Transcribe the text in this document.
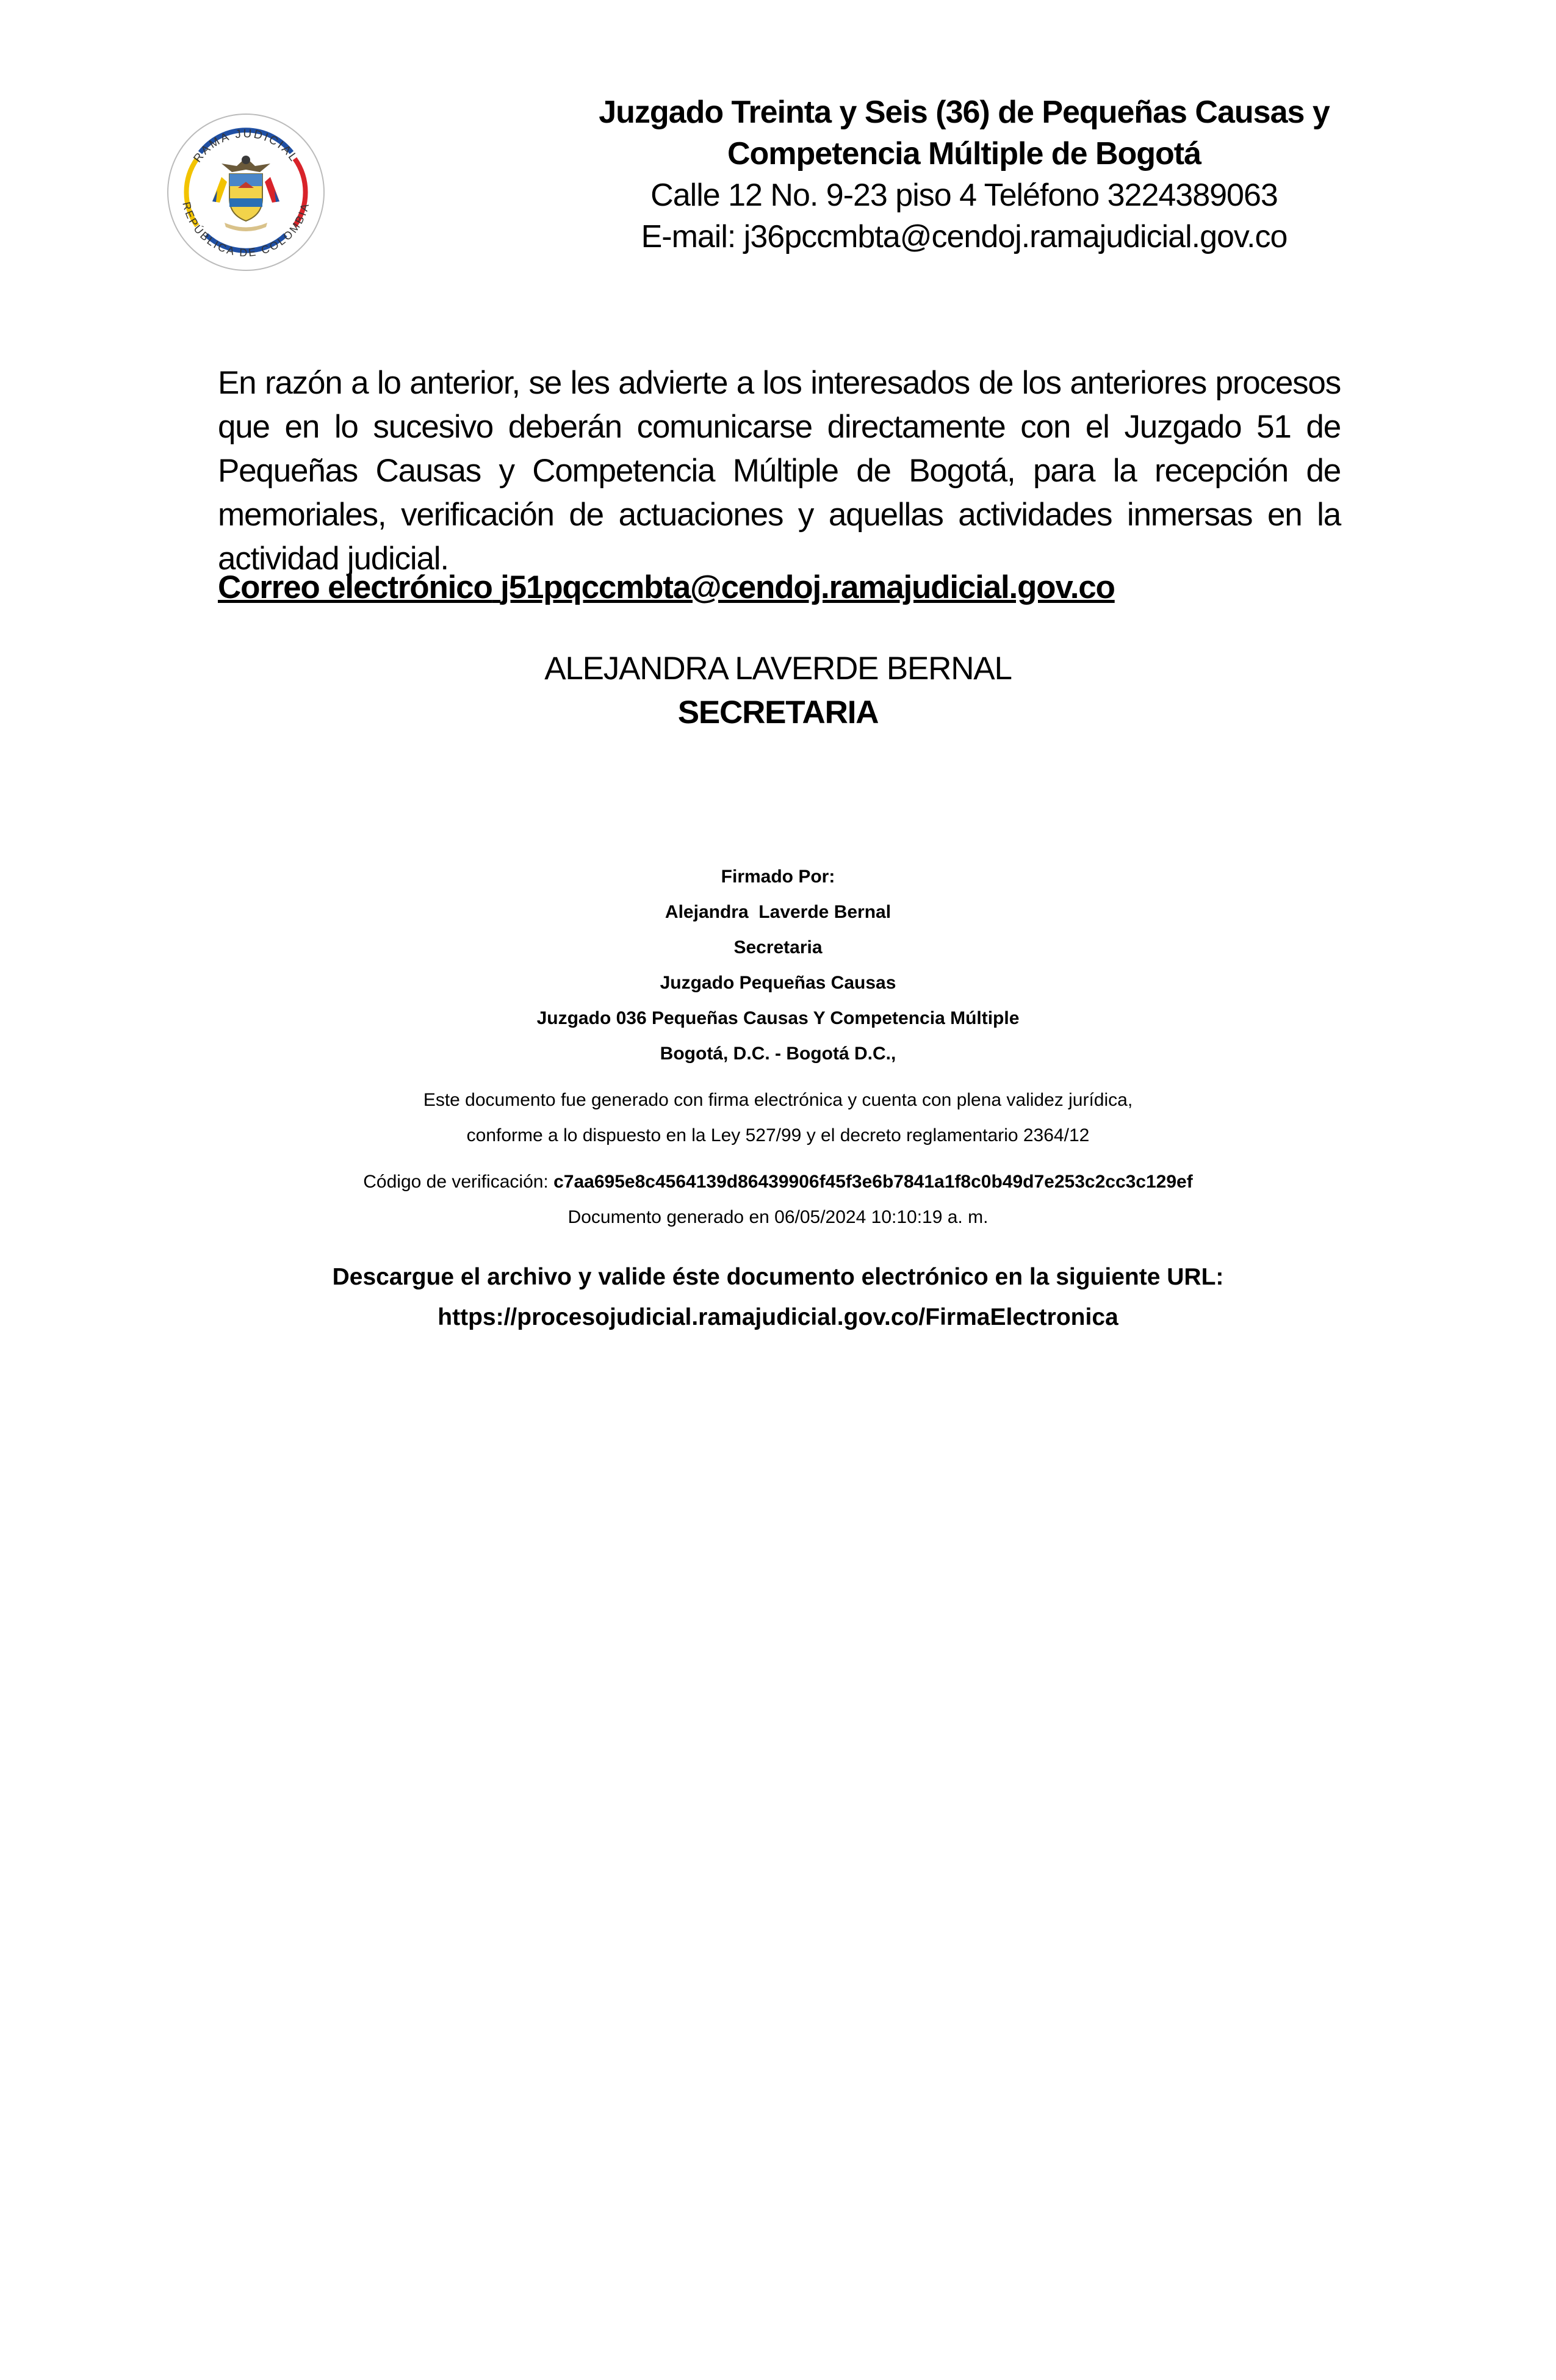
RAMA JUDICIAL
REPÚBLICA DE COLOMBIA
Juzgado Treinta y Seis (36) de Pequeñas Causas y
Competencia Múltiple de Bogotá
Calle 12 No. 9-23 piso 4 Teléfono 3224389063
E-mail: j36pccmbta@cendoj.ramajudicial.gov.co
En razón a lo anterior, se les advierte a los interesados de los anteriores procesos que en lo sucesivo deberán comunicarse directamente con el Juzgado 51 de Pequeñas Causas y Competencia Múltiple de Bogotá, para la recepción de memoriales, verificación de actuaciones y aquellas actividades inmersas en la actividad judicial.
Correo electrónico j51pqccmbta@cendoj.ramajudicial.gov.co
ALEJANDRA LAVERDE BERNAL
SECRETARIA
Firmado Por:
Alejandra  Laverde Bernal
Secretaria
Juzgado Pequeñas Causas
Juzgado 036 Pequeñas Causas Y Competencia Múltiple
Bogotá, D.C. - Bogotá D.C.,
Este documento fue generado con firma electrónica y cuenta con plena validez jurídica,
conforme a lo dispuesto en la Ley 527/99 y el decreto reglamentario 2364/12
Código de verificación: c7aa695e8c4564139d86439906f45f3e6b7841a1f8c0b49d7e253c2cc3c129ef
Documento generado en 06/05/2024 10:10:19 a. m.
Descargue el archivo y valide éste documento electrónico en la siguiente URL:
https://procesojudicial.ramajudicial.gov.co/FirmaElectronica
